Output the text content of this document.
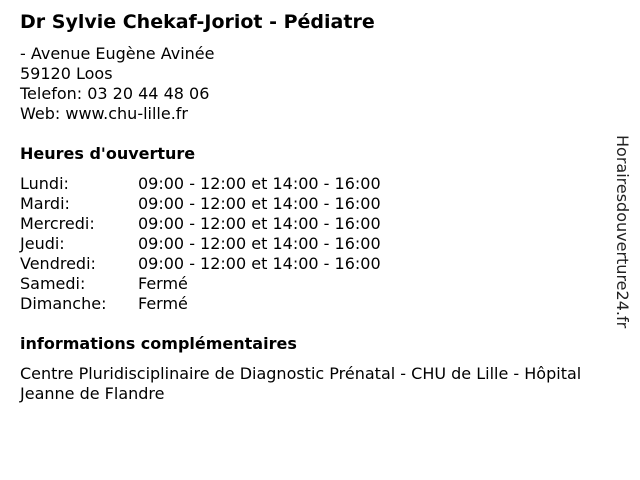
Dr Sylvie Chekaf-Joriot - Pédiatre
- Avenue Eugène Avinée
59120 Loos
Telefon: 03 20 44 48 06
Web: www.chu-lille.fr
Heures d'ouverture
Lundi:	09:00 - 12:00 et 14:00 - 16:00
Mardi:	09:00 - 12:00 et 14:00 - 16:00
Mercredi:	09:00 - 12:00 et 14:00 - 16:00
Jeudi:	09:00 - 12:00 et 14:00 - 16:00
Vendredi:	09:00 - 12:00 et 14:00 - 16:00
Samedi:	Fermé
Dimanche:	Fermé
informations complémentaires
Centre Pluridisciplinaire de Diagnostic Prénatal - CHU de Lille - Hôpital Jeanne de Flandre
Horairesdouverture24.fr
